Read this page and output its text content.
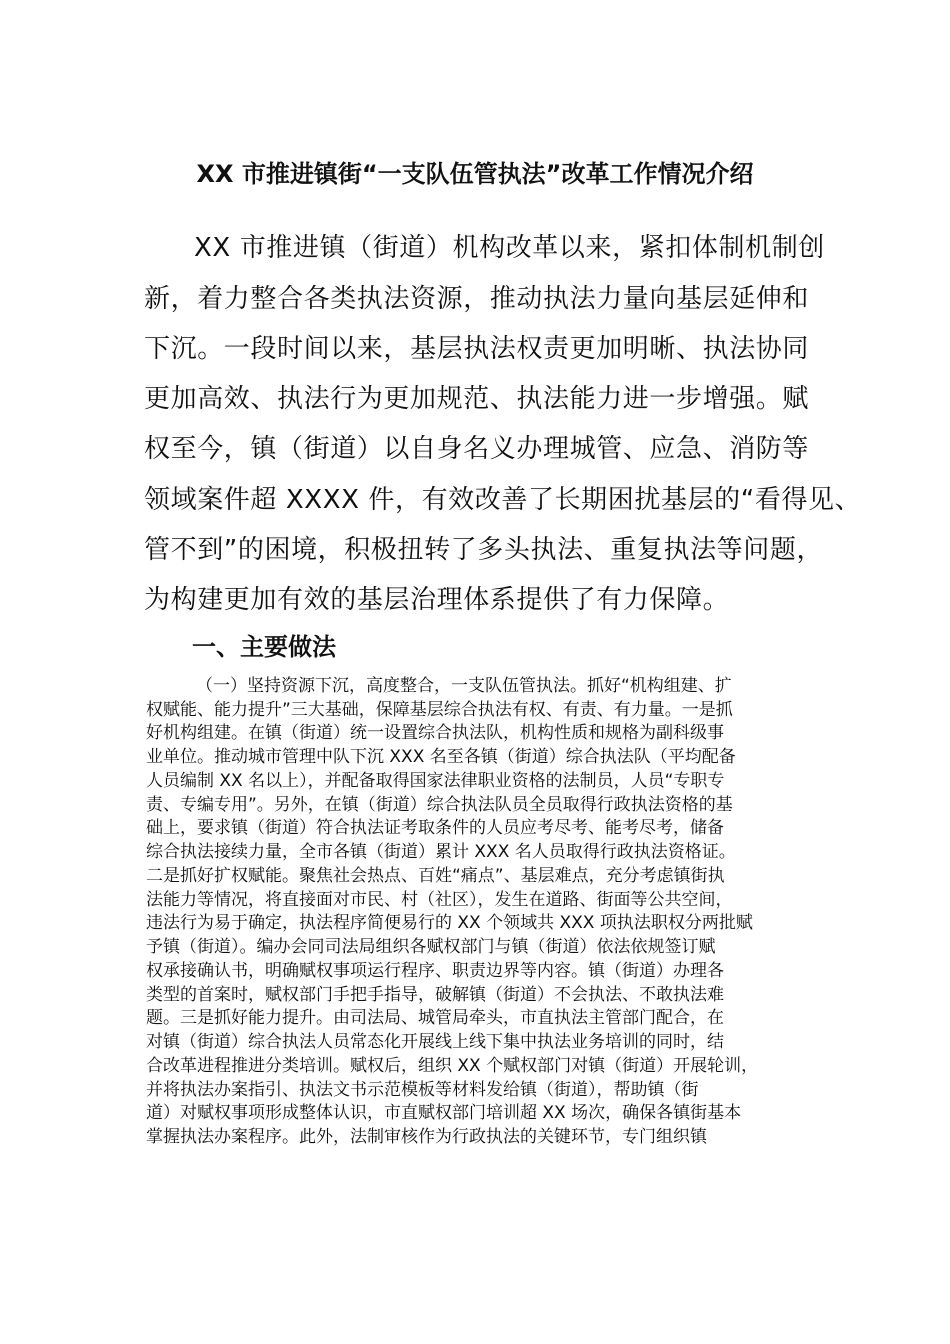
XX 市推进镇街“一支队伍管执法”改革工作情况介绍

XX 市推进镇（街道）机构改革以来，紧扣体制机制创

新，着力整合各类执法资源，推动执法力量向基层延伸和

下沉。一段时间以来，基层执法权责更加明晰、执法协同

更加高效、执法行为更加规范、执法能力进一步增强。赋

权至今，镇（街道）以自身名义办理城管、应急、消防等

领域案件超 XXXX 件，有效改善了长期困扰基层的“看得见、

管不到”的困境，积极扭转了多头执法、重复执法等问题，

为构建更加有效的基层治理体系提供了有力保障。

一、主要做法

（一）坚持资源下沉，高度整合，一支队伍管执法。抓好“机构组建、扩

权赋能、能力提升”三大基础，保障基层综合执法有权、有责、有力量。一是抓

好机构组建。在镇（街道）统一设置综合执法队，机构性质和规格为副科级事

业单位。推动城市管理中队下沉 XXX 名至各镇（街道）综合执法队（平均配备

人员编制 XX 名以上），并配备取得国家法律职业资格的法制员，人员“专职专

责、专编专用”。另外，在镇（街道）综合执法队员全员取得行政执法资格的基

础上，要求镇（街道）符合执法证考取条件的人员应考尽考、能考尽考，储备

综合执法接续力量，全市各镇（街道）累计 XXX 名人员取得行政执法资格证。

二是抓好扩权赋能。聚焦社会热点、百姓“痛点”、基层难点，充分考虑镇街执

法能力等情况，将直接面对市民、村（社区），发生在道路、街面等公共空间，

违法行为易于确定，执法程序简便易行的 XX 个领域共 XXX 项执法职权分两批赋

予镇（街道）。编办会同司法局组织各赋权部门与镇（街道）依法依规签订赋

权承接确认书，明确赋权事项运行程序、职责边界等内容。镇（街道）办理各

类型的首案时，赋权部门手把手指导，破解镇（街道）不会执法、不敢执法难

题。三是抓好能力提升。由司法局、城管局牵头，市直执法主管部门配合，在

对镇（街道）综合执法人员常态化开展线上线下集中执法业务培训的同时，结

合改革进程推进分类培训。赋权后，组织 XX 个赋权部门对镇（街道）开展轮训，

并将执法办案指引、执法文书示范模板等材料发给镇（街道），帮助镇（街

道）对赋权事项形成整体认识，市直赋权部门培训超 XX 场次，确保各镇街基本

掌握执法办案程序。此外，法制审核作为行政执法的关键环节，专门组织镇
